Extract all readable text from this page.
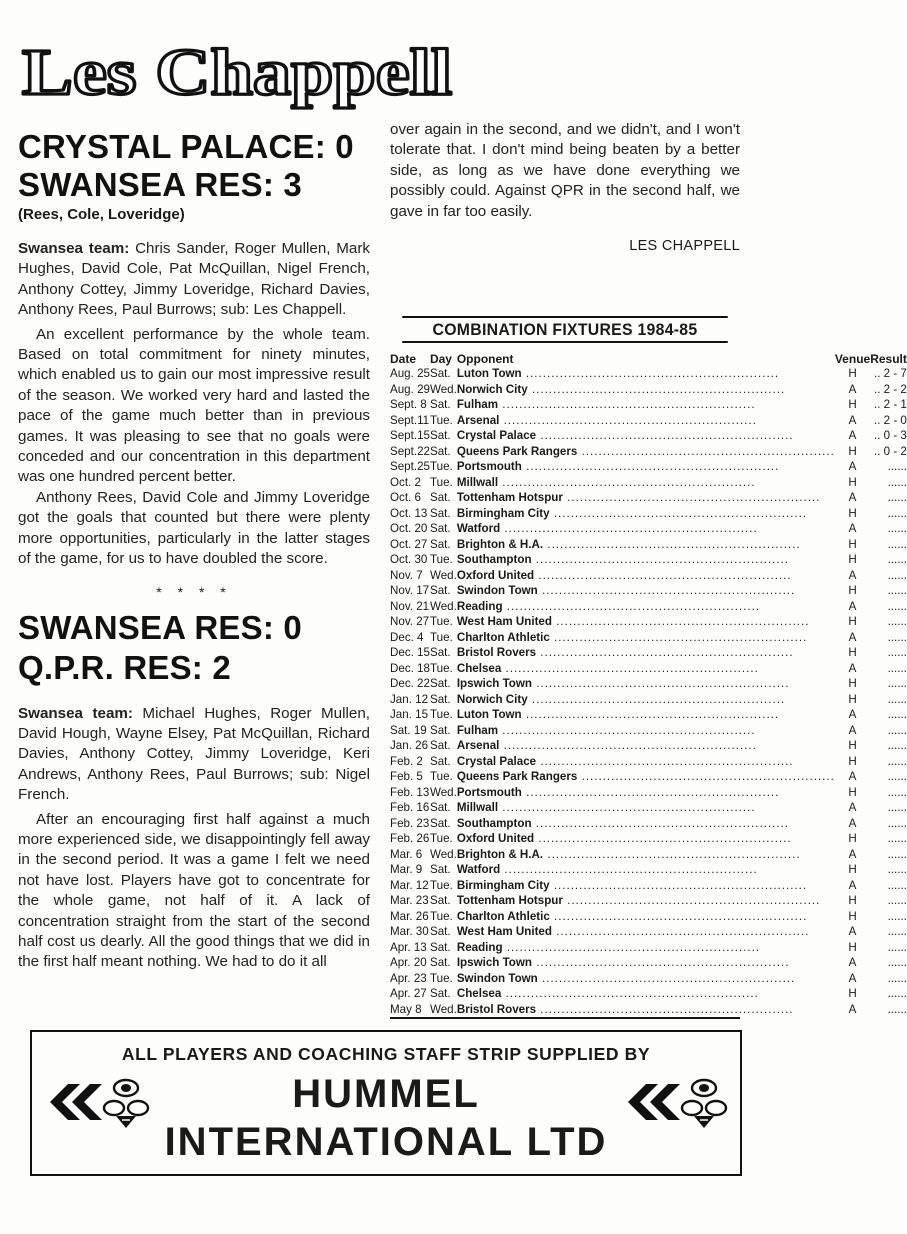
Les Chappell
CRYSTAL PALACE: 0
SWANSEA RES: 3
(Rees, Cole, Loveridge)

Swansea team: Chris Sander, Roger Mullen, Mark Hughes, David Cole, Pat McQuillan, Nigel French, Anthony Cottey, Jimmy Loveridge, Richard Davies, Anthony Rees, Paul Burrows; sub: Les Chappell.

An excellent performance by the whole team. Based on total commitment for ninety minutes, which enabled us to gain our most impressive result of the season. We worked very hard and lasted the pace of the game much better than in previous games. It was pleasing to see that no goals were conceded and our concentration in this department was one hundred percent better.

Anthony Rees, David Cole and Jimmy Loveridge got the goals that counted but there were plenty more opportunities, particularly in the latter stages of the game, for us to have doubled the score.

* * * *
SWANSEA RES: 0
Q.P.R. RES: 2

Swansea team: Michael Hughes, Roger Mullen, David Hough, Wayne Elsey, Pat McQuillan, Richard Davies, Anthony Cottey, Jimmy Loveridge, Keri Andrews, Anthony Rees, Paul Burrows; sub: Nigel French.

After an encouraging first half against a much more experienced side, we disappointingly fell away in the second period. It was a game I felt we need not have lost. Players have got to concentrate for the whole game, not half of it. A lack of concentration straight from the start of the second half cost us dearly. All the good things that we did in the first half meant nothing. We had to do it all

over again in the second, and we didn't, and I won't tolerate that. I don't mind being beaten by a better side, as long as we have done everything we possibly could. Against QPR in the second half, we gave in far too easily.

LES CHAPPELL
COMBINATION FIXTURES 1984-85
Date	Day	Opponent	Venue	Result
Aug. 25	Sat.	Luton Town ............................................................	H	.. 2 - 7
Aug. 29	Wed.	Norwich City ............................................................	A	.. 2 - 2
Sept. 8	Sat.	Fulham ............................................................	H	.. 2 - 1
Sept.11	Tue.	Arsenal ............................................................	A	.. 2 - 0
Sept.15	Sat.	Crystal Palace ............................................................	A	.. 0 - 3
Sept.22	Sat.	Queens Park Rangers ............................................................	H	.. 0 - 2
Sept.25	Tue.	Portsmouth ............................................................	A	......
Oct. 2	Tue.	Millwall ............................................................	H	......
Oct. 6	Sat.	Tottenham Hotspur ............................................................	A	......
Oct. 13	Sat.	Birmingham City ............................................................	H	......
Oct. 20	Sat.	Watford ............................................................	A	......
Oct. 27	Sat.	Brighton & H.A. ............................................................	H	......
Oct. 30	Tue.	Southampton ............................................................	H	......
Nov. 7	Wed.	Oxford United ............................................................	A	......
Nov. 17	Sat.	Swindon Town ............................................................	H	......
Nov. 21	Wed.	Reading ............................................................	A	......
Nov. 27	Tue.	West Ham United ............................................................	H	......
Dec. 4	Tue.	Charlton Athletic ............................................................	A	......
Dec. 15	Sat.	Bristol Rovers ............................................................	H	......
Dec. 18	Tue.	Chelsea ............................................................	A	......
Dec. 22	Sat.	Ipswich Town ............................................................	H	......
Jan. 12	Sat.	Norwich City ............................................................	H	......
Jan. 15	Tue.	Luton Town ............................................................	A	......
Sat. 19	Sat.	Fulham ............................................................	A	......
Jan. 26	Sat.	Arsenal ............................................................	H	......
Feb. 2	Sat.	Crystal Palace ............................................................	H	......
Feb. 5	Tue.	Queens Park Rangers ............................................................	A	......
Feb. 13	Wed.	Portsmouth ............................................................	H	......
Feb. 16	Sat.	Millwall ............................................................	A	......
Feb. 23	Sat.	Southampton ............................................................	A	......
Feb. 26	Tue.	Oxford United ............................................................	H	......
Mar. 6	Wed.	Brighton & H.A. ............................................................	A	......
Mar. 9	Sat.	Watford ............................................................	H	......
Mar. 12	Tue.	Birmingham City ............................................................	A	......
Mar. 23	Sat.	Tottenham Hotspur ............................................................	H	......
Mar. 26	Tue.	Charlton Athletic ............................................................	H	......
Mar. 30	Sat.	West Ham United ............................................................	A	......
Apr. 13	Sat.	Reading ............................................................	H	......
Apr. 20	Sat.	Ipswich Town ............................................................	A	......
Apr. 23	Tue.	Swindon Town ............................................................	A	......
Apr. 27	Sat.	Chelsea ............................................................	H	......
May 8	Wed.	Bristol Rovers ............................................................	A	......
ALL PLAYERS AND COACHING STAFF STRIP SUPPLIED BY
HUMMEL
INTERNATIONAL LTD
